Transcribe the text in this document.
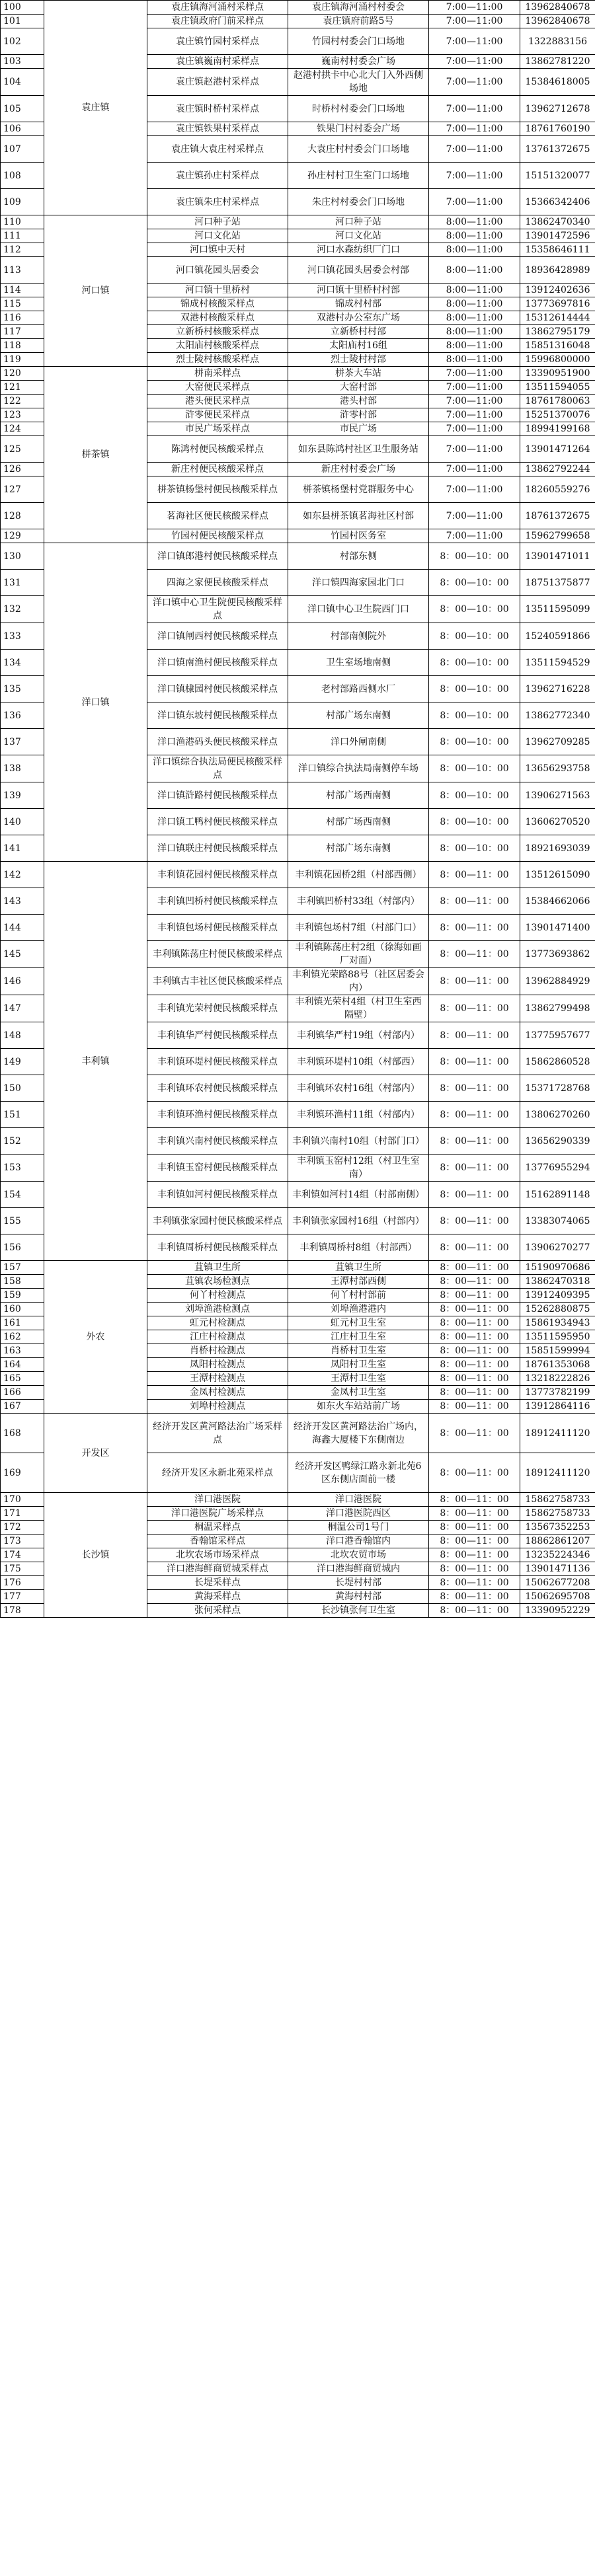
100	袁庄镇	袁庄镇海河涌村采样点	袁庄镇海河涌村村委会	7:00—11:00	13962840678
101		袁庄镇政府门前采样点	袁庄镇府前路5号	7:00—11:00	13962840678
102		袁庄镇竹园村采样点	竹园村村委会门口场地	7:00—11:00	1322883156
103		袁庄镇巍南村采样点	巍南村村委会广场	7:00—11:00	13862781220
104		袁庄镇赵港村采样点	赵港村拱卡中心北大门入外西侧场地	7:00—11:00	15384618005
105		袁庄镇时桥村采样点	时桥村村委会门口场地	7:00—11:00	13962712678
106		袁庄镇铁果村采样点	铁果门村村委会广场	7:00—11:00	18761760190
107		袁庄镇大袁庄村采样点	大袁庄村村委会门口场地	7:00—11:00	13761372675
108		袁庄镇孙庄村采样点	孙庄村村卫生室门口场地	7:00—11:00	15151320077
109		袁庄镇朱庄村采样点	朱庄村村委会门口场地	7:00—11:00	15366342406
110	河口镇	河口种子站	河口种子站	8:00—11:00	13862470340
111		河口文化站	河口文化站	8:00—11:00	13901472596
112		河口镇中天村	河口水森纺织厂门口	8:00—11:00	15358646111
113		河口镇花园头居委会	河口镇花园头居委会村部	8:00—11:00	18936428989
114		河口镇十里桥村	河口镇十里桥村村部	8:00—11:00	13912402636
115		锦成村核酸采样点	锦成村村部	8:00—11:00	13773697816
116		双港村核酸采样点	双港村办公室东广场	8:00—11:00	15312614444
117		立新桥村核酸采样点	立新桥村村部	8:00—11:00	13862795179
118		太阳庙村核酸采样点	太阳庙村16组	8:00—11:00	15851316048
119		烈士陵村核酸采样点	烈士陵村村部	8:00—11:00	15996800000
120	栟茶镇	栟南采样点	栟茶大车站	7:00—11:00	13390951900
121		大窑便民采样点	大窑村部	7:00—11:00	13511594055
122		港头便民采样点	港头村部	7:00—11:00	18761780063
123		浒零便民采样点	浒零村部	7:00—11:00	15251370076
124		市民广场采样点	市民广场	7:00—11:00	18994199168
125		陈鸿村便民核酸采样点	如东县陈鸿村社区卫生服务站	7:00—11:00	13901471264
126		新庄村便民核酸采样点	新庄村村委会广场	7:00—11:00	13862792244
127		栟茶镇杨堡村便民核酸采样点	栟茶镇杨堡村党群服务中心	7:00—11:00	18260559276
128		茗海社区便民核酸采样点	如东县栟茶镇茗海社区村部	7:00—11:00	18761372675
129		竹园村便民核酸采样点	竹园村医务室	7:00—11:00	15962799658
130	洋口镇	洋口镇郎港村便民核酸采样点	村部东侧	8：00—10：00	13901471011
131		四海之家便民核酸采样点	洋口镇四海家园北门口	8：00—10：00	18751375877
132		洋口镇中心卫生院便民核酸采样点	洋口镇中心卫生院西门口	8：00—10：00	13511595099
133		洋口镇闸西村便民核酸采样点	村部南侧院外	8：00—10：00	15240591866
134		洋口镇南渔村便民核酸采样点	卫生室场地南侧	8：00—10：00	13511594529
135		洋口镇棣园村便民核酸采样点	老村部路西侧水厂	8：00—10：00	13962716228
136		洋口镇东坡村便民核酸采样点	村部广场东南侧	8：00—10：00	13862772340
137		洋口渔港码头便民核酸采样点	洋口外闸南侧	8：00—10：00	13962709285
138		洋口镇综合执法局便民核酸采样点	洋口镇综合执法局南侧停车场	8：00—10：00	13656293758
139		洋口镇浒路村便民核酸采样点	村部广场西南侧	8：00—10：00	13906271563
140		洋口镇工鸭村便民核酸采样点	村部广场西南侧	8：00—10：00	13606270520
141		洋口镇联庄村便民核酸采样点	村部广场东南侧	8：00—10：00	18921693039
142	丰利镇	丰利镇花园村便民核酸采样点	丰利镇花园桥2组（村部西侧）	8：00—11：00	13512615090
143		丰利镇凹桥村便民核酸采样点	丰利镇凹桥村33组（村部内）	8：00—11：00	15384662066
144		丰利镇包场村便民核酸采样点	丰利镇包场村7组（村部门口）	8：00—11：00	13901471400
145		丰利镇陈荡庄村便民核酸采样点	丰利镇陈荡庄村2组（徐海如画厂对面）	8：00—11：00	13773693862
146		丰利镇古丰社区便民核酸采样点	丰利镇光荣路88号（社区居委会内）	8：00—11：00	13962884929
147		丰利镇光荣村便民核酸采样点	丰利镇光荣村4组（村卫生室西隔壁）	8：00—11：00	13862799498
148		丰利镇华严村便民核酸采样点	丰利镇华严村19组（村部内）	8：00—11：00	13775957677
149		丰利镇环堤村便民核酸采样点	丰利镇环堤村10组（村部西）	8：00—11：00	15862860528
150		丰利镇环农村便民核酸采样点	丰利镇环农村16组（村部内）	8：00—11：00	15371728768
151		丰利镇环渔村便民核酸采样点	丰利镇环渔村11组（村部内）	8：00—11：00	13806270260
152		丰利镇兴南村便民核酸采样点	丰利镇兴南村10组（村部门口）	8：00—11：00	13656290339
153		丰利镇玉窑村便民核酸采样点	丰利镇玉窑村12组（村卫生室南）	8：00—11：00	13776955294
154		丰利镇如河村便民核酸采样点	丰利镇如河村14组（村部南侧）	8：00—11：00	15162891148
155		丰利镇张家园村便民核酸采样点	丰利镇张家园村16组（村部内）	8：00—11：00	13383074065
156		丰利镇周桥村便民核酸采样点	丰利镇周桥村8组（村部西）	8：00—11：00	13906270277
157	外农	苴镇卫生所	苴镇卫生所	8：00—11：00	15190970686
158		苴镇农场检测点	王潭村部西侧	8：00—11：00	13862470318
159		何丫村检测点	何丫村村部前	8：00—11：00	13912409395
160		刘埠渔港检测点	刘埠渔港港内	8：00—11：00	15262880875
161		虹元村检测点	虹元村卫生室	8：00—11：00	15861934943
162		江庄村检测点	江庄村卫生室	8：00—11：00	13511595950
163		肖桥村检测点	肖桥村卫生室	8：00—11：00	15851599994
164		凤阳村检测点	凤阳村卫生室	8：00—11：00	18761353068
165		王潭村检测点	王潭村卫生室	8：00—11：00	13218222826
166		金凤村检测点	金凤村卫生室	8：00—11：00	13773782199
167		刘埠村检测点	如东火车站站前广场	8：00—11：00	13912864116
168	开发区	经济开发区黄河路法治广场采样点	经济开发区黄河路法治广场内，海鑫大厦楼下东侧南边	8：00—11：00	18912411120
169		经济开发区永新北苑采样点	经济开发区鸭绿江路永新北苑6区东侧店面前一楼	8：00—11：00	18912411120
170	长沙镇	洋口港医院	洋口港医院	8：00—11：00	15862758733
171		洋口港医院广场采样点	洋口港医院西区	8：00—11：00	15862758733
172		桐温采样点	桐温公司1号门	8：00—11：00	13567352253
173		香翰馆采样点	洋口港香翰馆内	8：00—11：00	18862861207
174		北坎农场市场采样点	北坎农贸市场	8：00—11：00	13235224346
175		洋口港海鲜商贸城采样点	洋口港海鲜商贸城内	8：00—11：00	13901471136
176		长堤采样点	长堤村村部	8：00—11：00	15062677208
177		黄海采样点	黄海村村部	8：00—11：00	15062695708
178		张何采样点	长沙镇张何卫生室	8：00—11：00	13390952229
